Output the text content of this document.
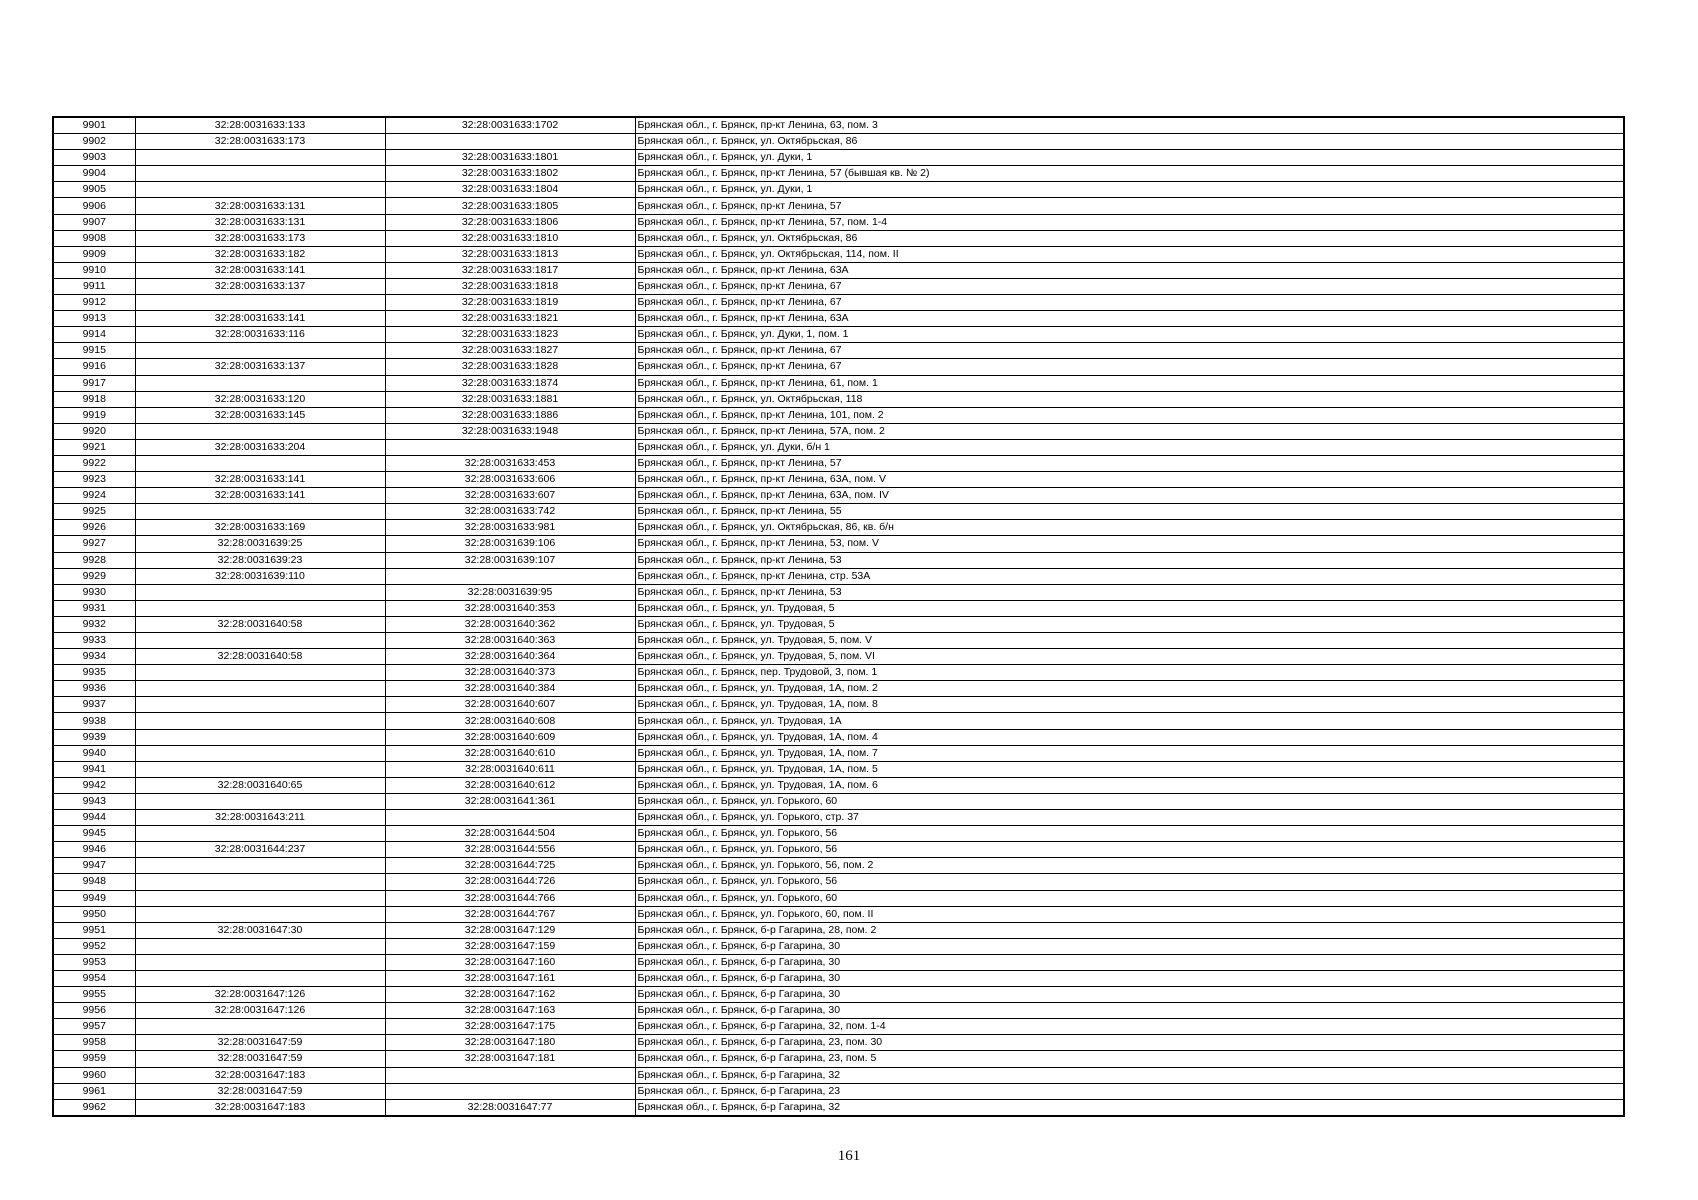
9901	32:28:0031633:133	32:28:0031633:1702	Брянская обл., г. Брянск, пр-кт Ленина, 63, пом. 3
9902	32:28:0031633:173		Брянская обл., г. Брянск, ул. Октябрьская, 86
9903		32:28:0031633:1801	Брянская обл., г. Брянск, ул. Дуки, 1
9904		32:28:0031633:1802	Брянская обл., г. Брянск, пр-кт Ленина, 57 (бывшая кв. № 2)
9905		32:28:0031633:1804	Брянская обл., г. Брянск, ул. Дуки, 1
9906	32:28:0031633:131	32:28:0031633:1805	Брянская обл., г. Брянск, пр-кт Ленина, 57
9907	32:28:0031633:131	32:28:0031633:1806	Брянская обл., г. Брянск, пр-кт Ленина, 57, пом. 1-4
9908	32:28:0031633:173	32:28:0031633:1810	Брянская обл., г. Брянск, ул. Октябрьская, 86
9909	32:28:0031633:182	32:28:0031633:1813	Брянская обл., г. Брянск, ул. Октябрьская, 114, пом. II
9910	32:28:0031633:141	32:28:0031633:1817	Брянская обл., г. Брянск, пр-кт Ленина, 63А
9911	32:28:0031633:137	32:28:0031633:1818	Брянская обл., г. Брянск, пр-кт Ленина, 67
9912		32:28:0031633:1819	Брянская обл., г. Брянск, пр-кт Ленина, 67
9913	32:28:0031633:141	32:28:0031633:1821	Брянская обл., г. Брянск, пр-кт Ленина, 63А
9914	32:28:0031633:116	32:28:0031633:1823	Брянская обл., г. Брянск, ул. Дуки, 1, пом. 1
9915		32:28:0031633:1827	Брянская обл., г. Брянск, пр-кт Ленина, 67
9916	32:28:0031633:137	32:28:0031633:1828	Брянская обл., г. Брянск, пр-кт Ленина, 67
9917		32:28:0031633:1874	Брянская обл., г. Брянск, пр-кт Ленина, 61, пом. 1
9918	32:28:0031633:120	32:28:0031633:1881	Брянская обл., г. Брянск, ул. Октябрьская, 118
9919	32:28:0031633:145	32:28:0031633:1886	Брянская обл., г. Брянск, пр-кт Ленина, 101, пом. 2
9920		32:28:0031633:1948	Брянская обл., г. Брянск, пр-кт Ленина, 57А, пом. 2
9921	32:28:0031633:204		Брянская обл., г. Брянск, ул. Дуки, б/н 1
9922		32:28:0031633:453	Брянская обл., г. Брянск, пр-кт Ленина, 57
9923	32:28:0031633:141	32:28:0031633:606	Брянская обл., г. Брянск, пр-кт Ленина, 63А, пом. V
9924	32:28:0031633:141	32:28:0031633:607	Брянская обл., г. Брянск, пр-кт Ленина, 63А, пом. IV
9925		32:28:0031633:742	Брянская обл., г. Брянск, пр-кт Ленина, 55
9926	32:28:0031633:169	32:28:0031633:981	Брянская обл., г. Брянск, ул. Октябрьская, 86, кв. б/н
9927	32:28:0031639:25	32:28:0031639:106	Брянская обл., г. Брянск, пр-кт Ленина, 53, пом. V
9928	32:28:0031639:23	32:28:0031639:107	Брянская обл., г. Брянск, пр-кт Ленина, 53
9929	32:28:0031639:110		Брянская обл., г. Брянск, пр-кт Ленина, стр. 53А
9930		32:28:0031639:95	Брянская обл., г. Брянск, пр-кт Ленина, 53
9931		32:28:0031640:353	Брянская обл., г. Брянск, ул. Трудовая, 5
9932	32:28:0031640:58	32:28:0031640:362	Брянская обл., г. Брянск, ул. Трудовая, 5
9933		32:28:0031640:363	Брянская обл., г. Брянск, ул. Трудовая, 5, пом. V
9934	32:28:0031640:58	32:28:0031640:364	Брянская обл., г. Брянск, ул. Трудовая, 5, пом. VI
9935		32:28:0031640:373	Брянская обл., г. Брянск, пер. Трудовой, 3, пом. 1
9936		32:28:0031640:384	Брянская обл., г. Брянск, ул. Трудовая, 1А, пом. 2
9937		32:28:0031640:607	Брянская обл., г. Брянск, ул. Трудовая, 1А, пом. 8
9938		32:28:0031640:608	Брянская обл., г. Брянск, ул. Трудовая, 1А
9939		32:28:0031640:609	Брянская обл., г. Брянск, ул. Трудовая, 1А, пом. 4
9940		32:28:0031640:610	Брянская обл., г. Брянск, ул. Трудовая, 1А, пом. 7
9941		32:28:0031640:611	Брянская обл., г. Брянск, ул. Трудовая, 1А, пом. 5
9942	32:28:0031640:65	32:28:0031640:612	Брянская обл., г. Брянск, ул. Трудовая, 1А, пом. 6
9943		32:28:0031641:361	Брянская обл., г. Брянск, ул. Горького, 60
9944	32:28:0031643:211		Брянская обл., г. Брянск, ул. Горького, стр. 37
9945		32:28:0031644:504	Брянская обл., г. Брянск, ул. Горького, 56
9946	32:28:0031644:237	32:28:0031644:556	Брянская обл., г. Брянск, ул. Горького, 56
9947		32:28:0031644:725	Брянская обл., г. Брянск, ул. Горького, 56, пом. 2
9948		32:28:0031644:726	Брянская обл., г. Брянск, ул. Горького, 56
9949		32:28:0031644:766	Брянская обл., г. Брянск, ул. Горького, 60
9950		32:28:0031644:767	Брянская обл., г. Брянск, ул. Горького, 60, пом. II
9951	32:28:0031647:30	32:28:0031647:129	Брянская обл., г. Брянск, б-р Гагарина, 28, пом. 2
9952		32:28:0031647:159	Брянская обл., г. Брянск, б-р Гагарина, 30
9953		32:28:0031647:160	Брянская обл., г. Брянск, б-р Гагарина, 30
9954		32:28:0031647:161	Брянская обл., г. Брянск, б-р Гагарина, 30
9955	32:28:0031647:126	32:28:0031647:162	Брянская обл., г. Брянск, б-р Гагарина, 30
9956	32:28:0031647:126	32:28:0031647:163	Брянская обл., г. Брянск, б-р Гагарина, 30
9957		32:28:0031647:175	Брянская обл., г. Брянск, б-р Гагарина, 32, пом. 1-4
9958	32:28:0031647:59	32:28:0031647:180	Брянская обл., г. Брянск, б-р Гагарина, 23, пом. 30
9959	32:28:0031647:59	32:28:0031647:181	Брянская обл., г. Брянск, б-р Гагарина, 23, пом. 5
9960	32:28:0031647:183		Брянская обл., г. Брянск, б-р Гагарина, 32
9961	32:28:0031647:59		Брянская обл., г. Брянск, б-р Гагарина, 23
9962	32:28:0031647:183	32:28:0031647:77	Брянская обл., г. Брянск, б-р Гагарина, 32
161
